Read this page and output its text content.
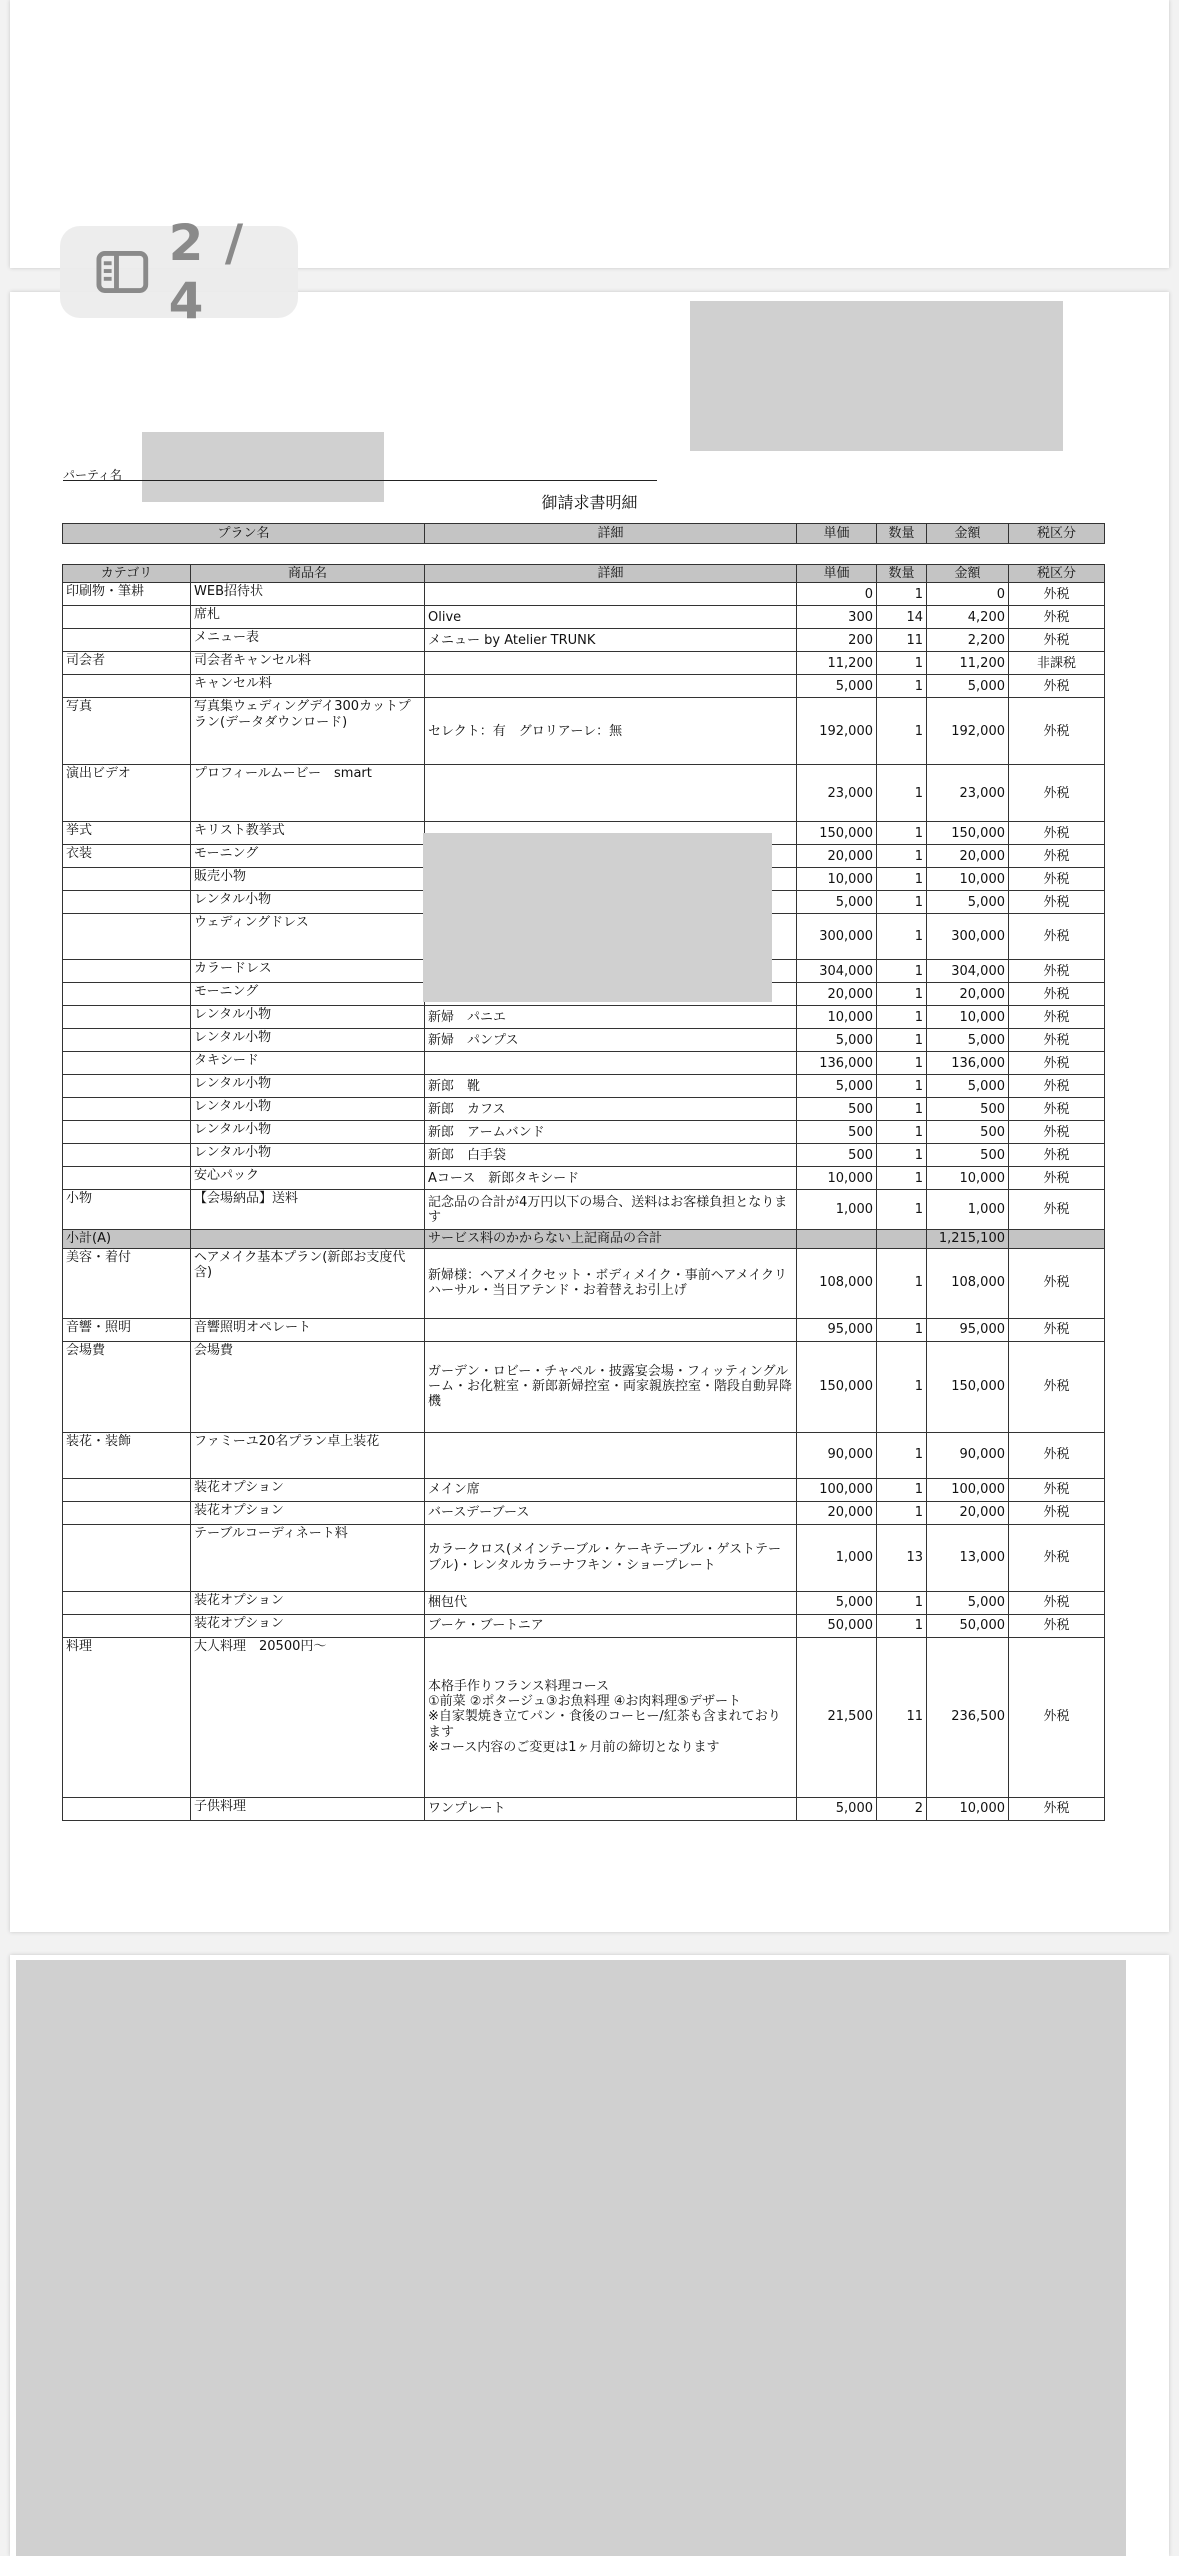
パーティ名
御請求書明細
プラン名	詳細	単価	数量	金額	税区分
カテゴリ	商品名	詳細	単価	数量	金額	税区分
印刷物・筆耕	WEB招待状		0	1	0	外税
	席札	Olive	300	14	4,200	外税
	メニュー表	メニュー by Atelier TRUNK	200	11	2,200	外税
司会者	司会者キャンセル料		11,200	1	11,200	非課税
	キャンセル料		5,000	1	5,000	外税
写真	写真集ウェディングデイ300カットプラン(データダウンロード)	セレクト：有　グロリアーレ：無	192,000	1	192,000	外税
演出ビデオ	プロフィールムービー　smart		23,000	1	23,000	外税
挙式	キリスト教挙式		150,000	1	150,000	外税
衣装	モーニング		20,000	1	20,000	外税
	販売小物		10,000	1	10,000	外税
	レンタル小物		5,000	1	5,000	外税
	ウェディングドレス		300,000	1	300,000	外税
	カラードレス		304,000	1	304,000	外税
	モーニング		20,000	1	20,000	外税
	レンタル小物	新婦　パニエ	10,000	1	10,000	外税
	レンタル小物	新婦　パンプス	5,000	1	5,000	外税
	タキシード		136,000	1	136,000	外税
	レンタル小物	新郎　靴	5,000	1	5,000	外税
	レンタル小物	新郎　カフス	500	1	500	外税
	レンタル小物	新郎　アームバンド	500	1	500	外税
	レンタル小物	新郎　白手袋	500	1	500	外税
	安心パック	Aコース　新郎タキシード	10,000	1	10,000	外税
小物	【会場納品】送料	記念品の合計が4万円以下の場合、送料はお客様負担となります	1,000	1	1,000	外税
小計(A)		サービス料のかからない上記商品の合計			1,215,100	
美容・着付	ヘアメイク基本プラン(新郎お支度代含)	新婦様：ヘアメイクセット・ボディメイク・事前ヘアメイクリハーサル・当日アテンド・お着替えお引上げ	108,000	1	108,000	外税
音響・照明	音響照明オペレート		95,000	1	95,000	外税
会場費	会場費	ガーデン・ロビー・チャペル・披露宴会場・フィッティングルーム・お化粧室・新郎新婦控室・両家親族控室・階段自動昇降機	150,000	1	150,000	外税
装花・装飾	ファミーユ20名プラン卓上装花		90,000	1	90,000	外税
	装花オプション	メイン席	100,000	1	100,000	外税
	装花オプション	バースデーブース	20,000	1	20,000	外税
	テーブルコーディネート料	カラークロス(メインテーブル・ケーキテーブル・ゲストテーブル)・レンタルカラーナフキン・ショープレート	1,000	13	13,000	外税
	装花オプション	梱包代	5,000	1	5,000	外税
	装花オプション	ブーケ・ブートニア	50,000	1	50,000	外税
料理	大人料理　20500円～	本格手作りフランス料理コース
①前菜 ②ポタージュ③お魚料理 ④お肉料理⑤デザート
※自家製焼き立てパン・食後のコーヒー/紅茶も含まれております
※コース内容のご変更は1ヶ月前の締切となります	21,500	11	236,500	外税
	子供料理	ワンプレート	5,000	2	10,000	外税
2 / 4
